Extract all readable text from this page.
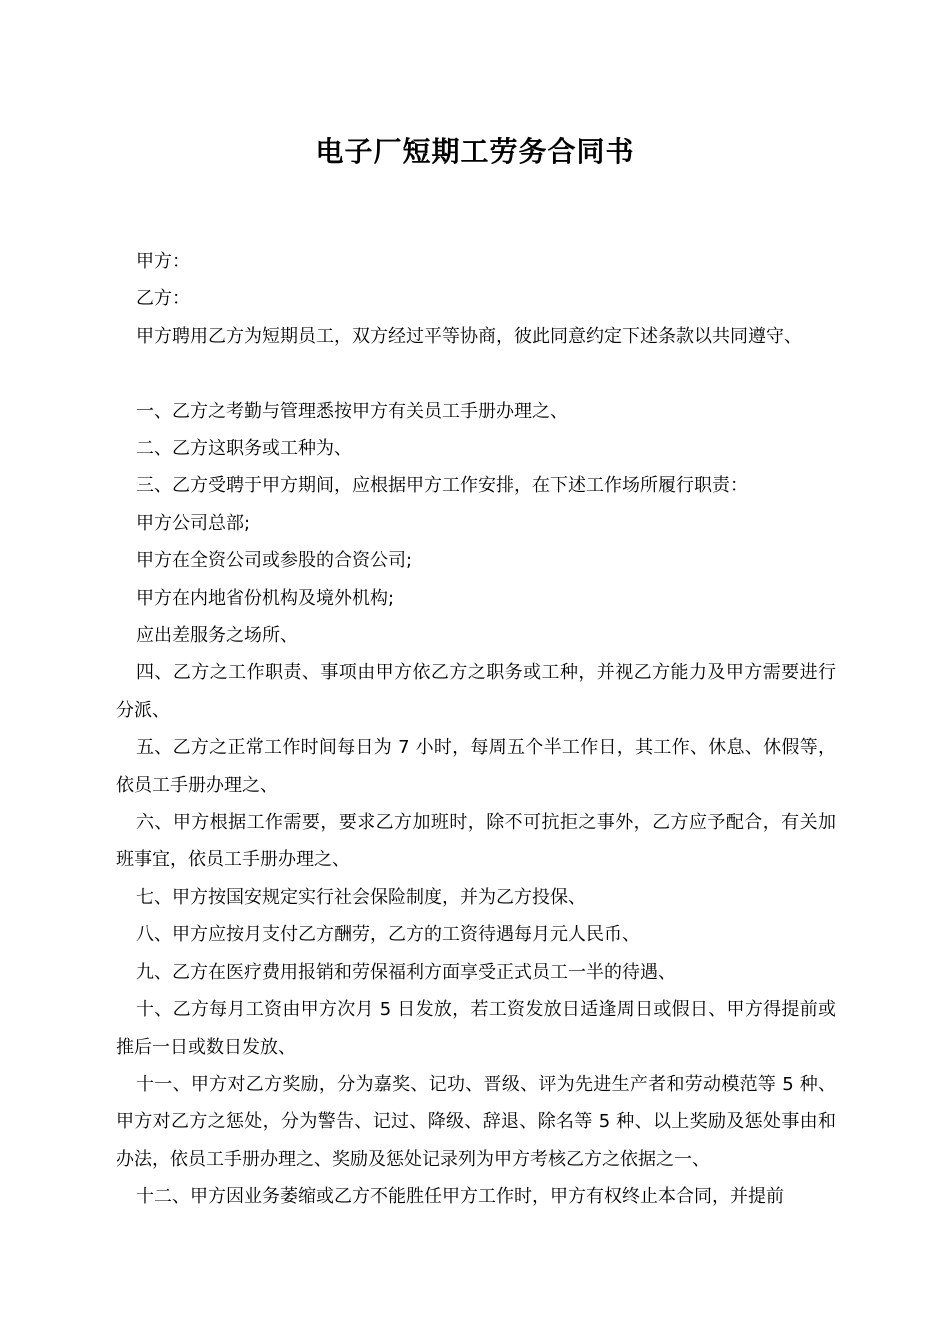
电子厂短期工劳务合同书

甲方：

乙方：

甲方聘用乙方为短期员工，双方经过平等协商，彼此同意约定下述条款以共同遵守、

一、乙方之考勤与管理悉按甲方有关员工手册办理之、

二、乙方这职务或工种为、

三、乙方受聘于甲方期间，应根据甲方工作安排，在下述工作场所履行职责：

甲方公司总部;

甲方在全资公司或参股的合资公司;

甲方在内地省份机构及境外机构;

应出差服务之场所、

四、乙方之工作职责、事项由甲方依乙方之职务或工种，并视乙方能力及甲方需要进行分派、

五、乙方之正常工作时间每日为 7 小时，每周五个半工作日，其工作、休息、休假等，依员工手册办理之、

六、甲方根据工作需要，要求乙方加班时，除不可抗拒之事外，乙方应予配合，有关加班事宜，依员工手册办理之、

七、甲方按国安规定实行社会保险制度，并为乙方投保、

八、甲方应按月支付乙方酬劳，乙方的工资待遇每月元人民币、

九、乙方在医疗费用报销和劳保福利方面享受正式员工一半的待遇、

十、乙方每月工资由甲方次月 5 日发放，若工资发放日适逢周日或假日、甲方得提前或推后一日或数日发放、

十一、甲方对乙方奖励，分为嘉奖、记功、晋级、评为先进生产者和劳动模范等 5 种、甲方对乙方之惩处，分为警告、记过、降级、辞退、除名等 5 种、以上奖励及惩处事由和办法，依员工手册办理之、奖励及惩处记录列为甲方考核乙方之依据之一、

十二、甲方因业务萎缩或乙方不能胜任甲方工作时，甲方有权终止本合同，并提前
